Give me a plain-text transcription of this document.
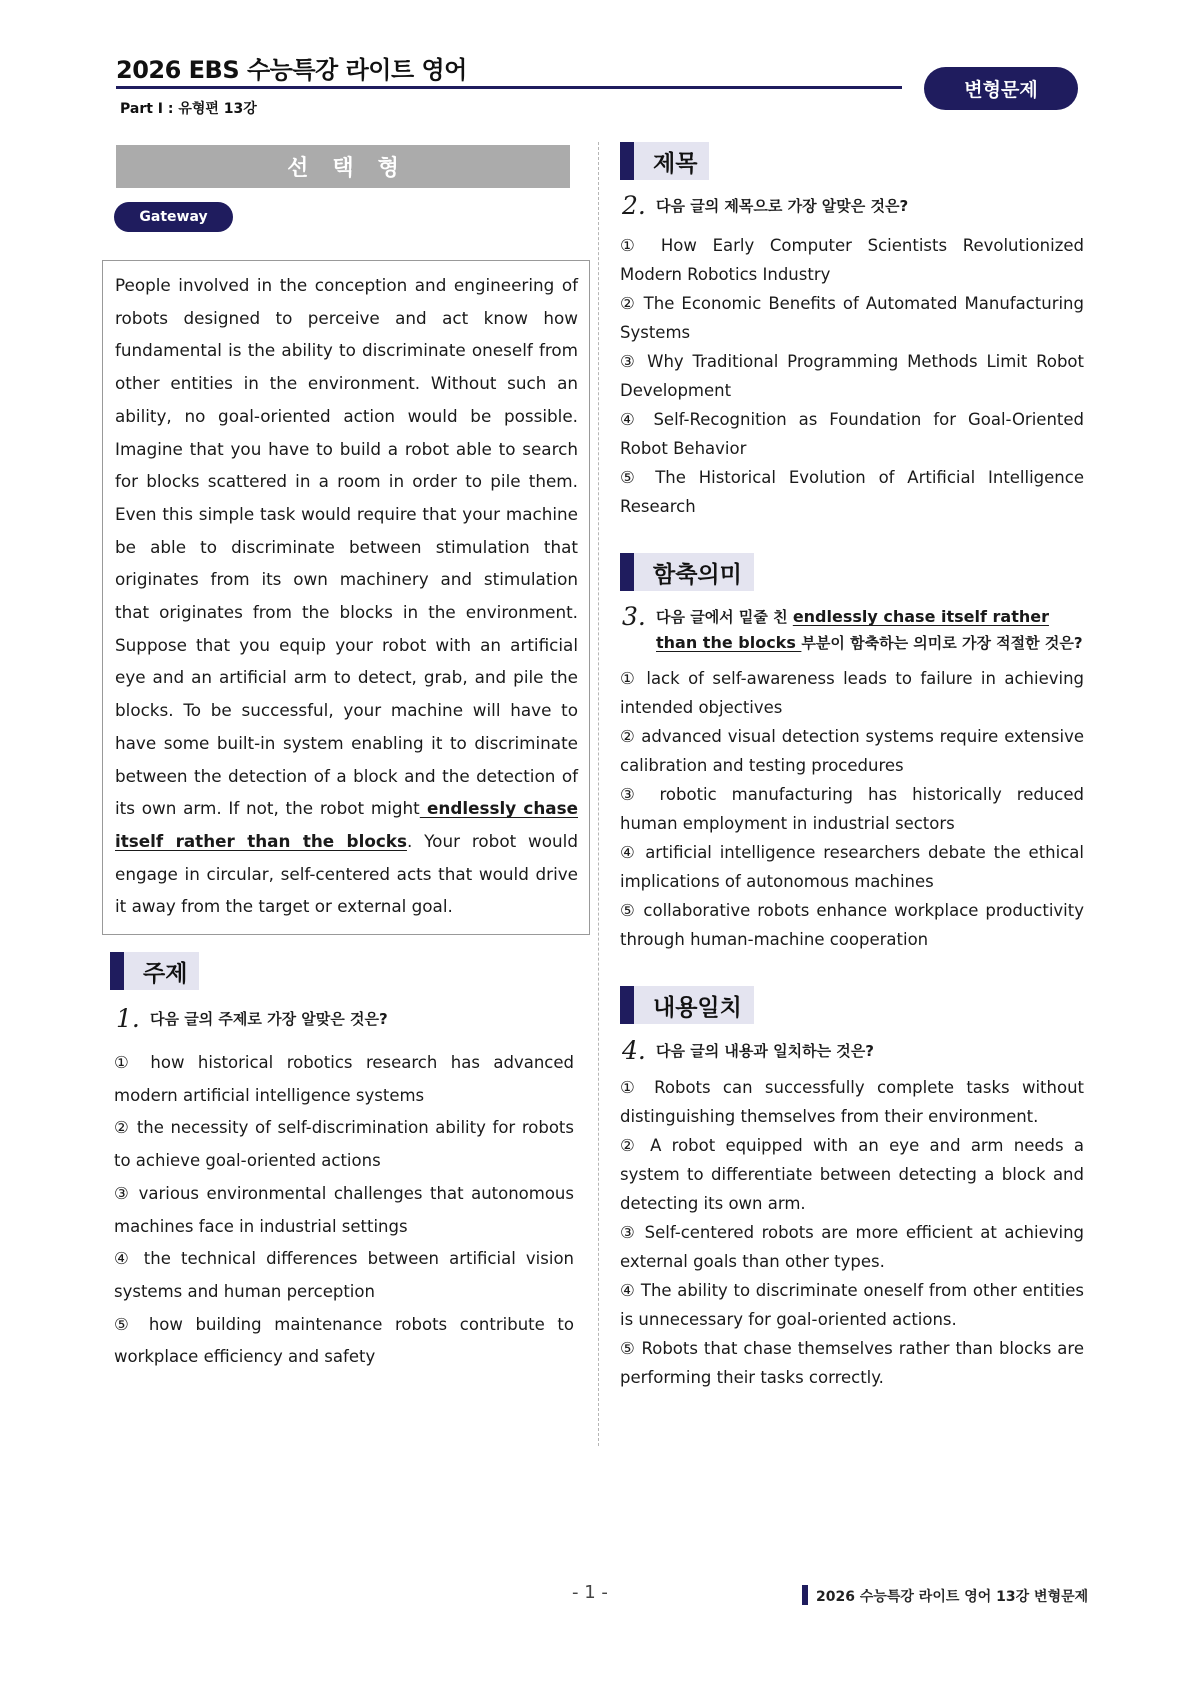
2026 EBS 수능특강 라이트 영어
Part Ⅰ : 유형편 13강
변형문제
선택형
Gateway
People involved in the conception and engineering of robots designed to perceive and act know how fundamental is the ability to discriminate oneself from other entities in the environment. Without such an ability, no goal-oriented action would be possible. Imagine that you have to build a robot able to search for blocks scattered in a room in order to pile them. Even this simple task would require that your machine be able to discriminate between stimulation that originates from its own machinery and stimulation that originates from the blocks in the environment. Suppose that you equip your robot with an artificial eye and an artificial arm to detect, grab, and pile the blocks. To be successful, your machine will have to have some built-in system enabling it to discriminate between the detection of a block and the detection of its own arm. If not, the robot might endlessly chase itself rather than the blocks. Your robot would engage in circular, self-centered acts that would drive it away from the target or external goal.
주제
1. 다음 글의 주제로 가장 알맞은 것은?
① how historical robotics research has advanced modern artificial intelligence systems
② the necessity of self-discrimination ability for robots to achieve goal-oriented actions
③ various environmental challenges that autonomous machines face in industrial settings
④ the technical differences between artificial vision systems and human perception
⑤ how building maintenance robots contribute to workplace efficiency and safety
제목
2. 다음 글의 제목으로 가장 알맞은 것은?
① How Early Computer Scientists Revolutionized Modern Robotics Industry
② The Economic Benefits of Automated Manufacturing Systems
③ Why Traditional Programming Methods Limit Robot Development
④ Self-Recognition as Foundation for Goal-Oriented Robot Behavior
⑤ The Historical Evolution of Artificial Intelligence Research
함축의미
3. 다음 글에서 밑줄 친 endlessly chase itself rather than the blocks 부분이 함축하는 의미로 가장 적절한 것은?
① lack of self-awareness leads to failure in achieving intended objectives
② advanced visual detection systems require extensive calibration and testing procedures
③ robotic manufacturing has historically reduced human employment in industrial sectors
④ artificial intelligence researchers debate the ethical implications of autonomous machines
⑤ collaborative robots enhance workplace productivity through human-machine cooperation
내용일치
4. 다음 글의 내용과 일치하는 것은?
① Robots can successfully complete tasks without distinguishing themselves from their environment.
② A robot equipped with an eye and arm needs a system to differentiate between detecting a block and detecting its own arm.
③ Self-centered robots are more efficient at achieving external goals than other types.
④ The ability to discriminate oneself from other entities is unnecessary for goal-oriented actions.
⑤ Robots that chase themselves rather than blocks are performing their tasks correctly.
- 1 -	2026 수능특강 라이트 영어 13강 변형문제
